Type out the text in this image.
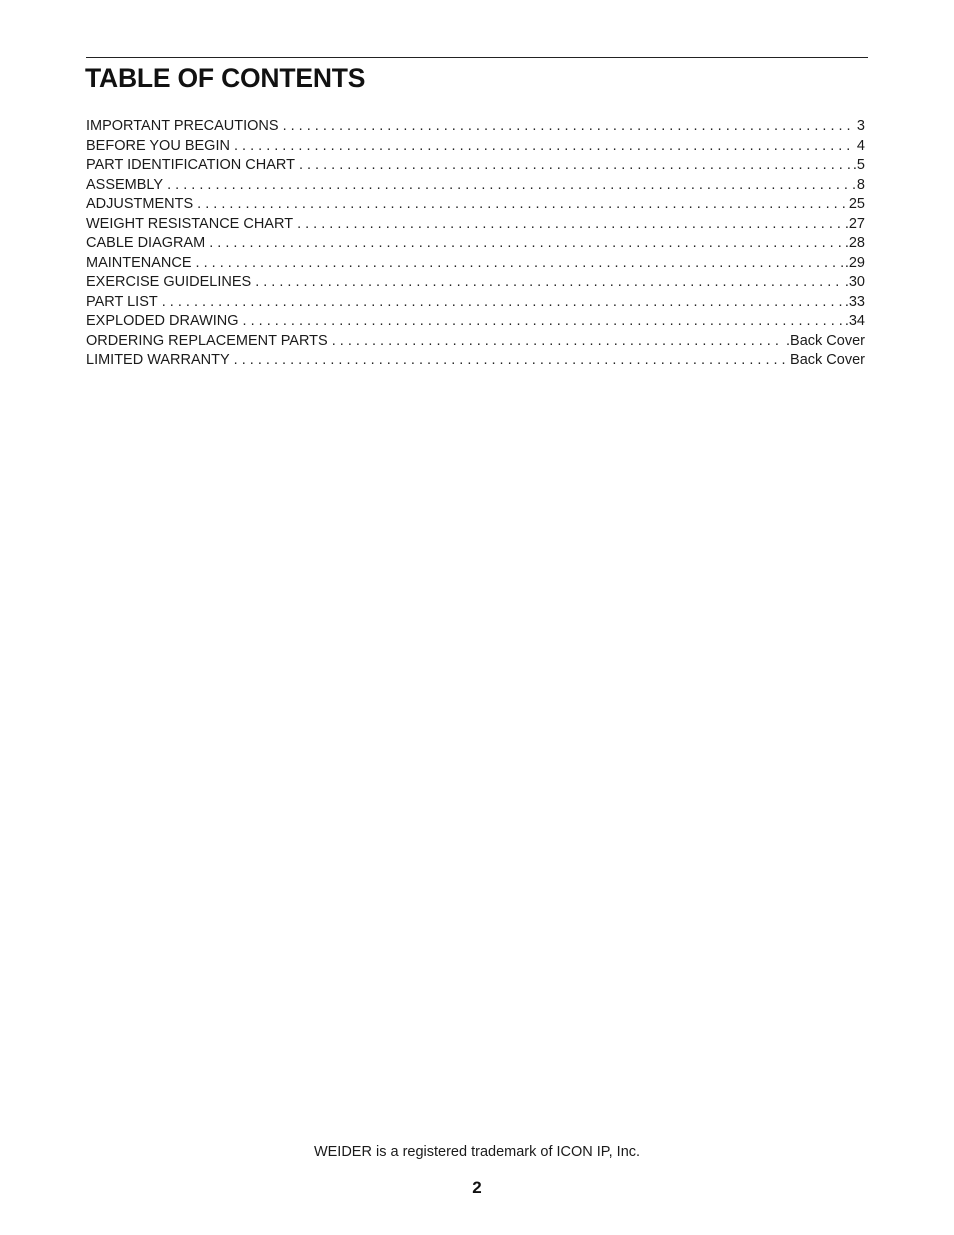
TABLE OF CONTENTS
IMPORTANT PRECAUTIONS . . .	3
BEFORE YOU BEGIN . . .	4
PART IDENTIFICATION CHART . . .	.5
ASSEMBLY . . .	8
ADJUSTMENTS . . .	25
WEIGHT RESISTANCE CHART . . .	.27
CABLE DIAGRAM . . .	.28
MAINTENANCE . . .	.29
EXERCISE GUIDELINES . . .	.30
PART LIST . . .	.33
EXPLODED DRAWING . . .	.34
ORDERING REPLACEMENT PARTS . . .	.Back Cover
LIMITED WARRANTY . . .	Back Cover
WEIDER is a registered trademark of ICON IP, Inc.
2
